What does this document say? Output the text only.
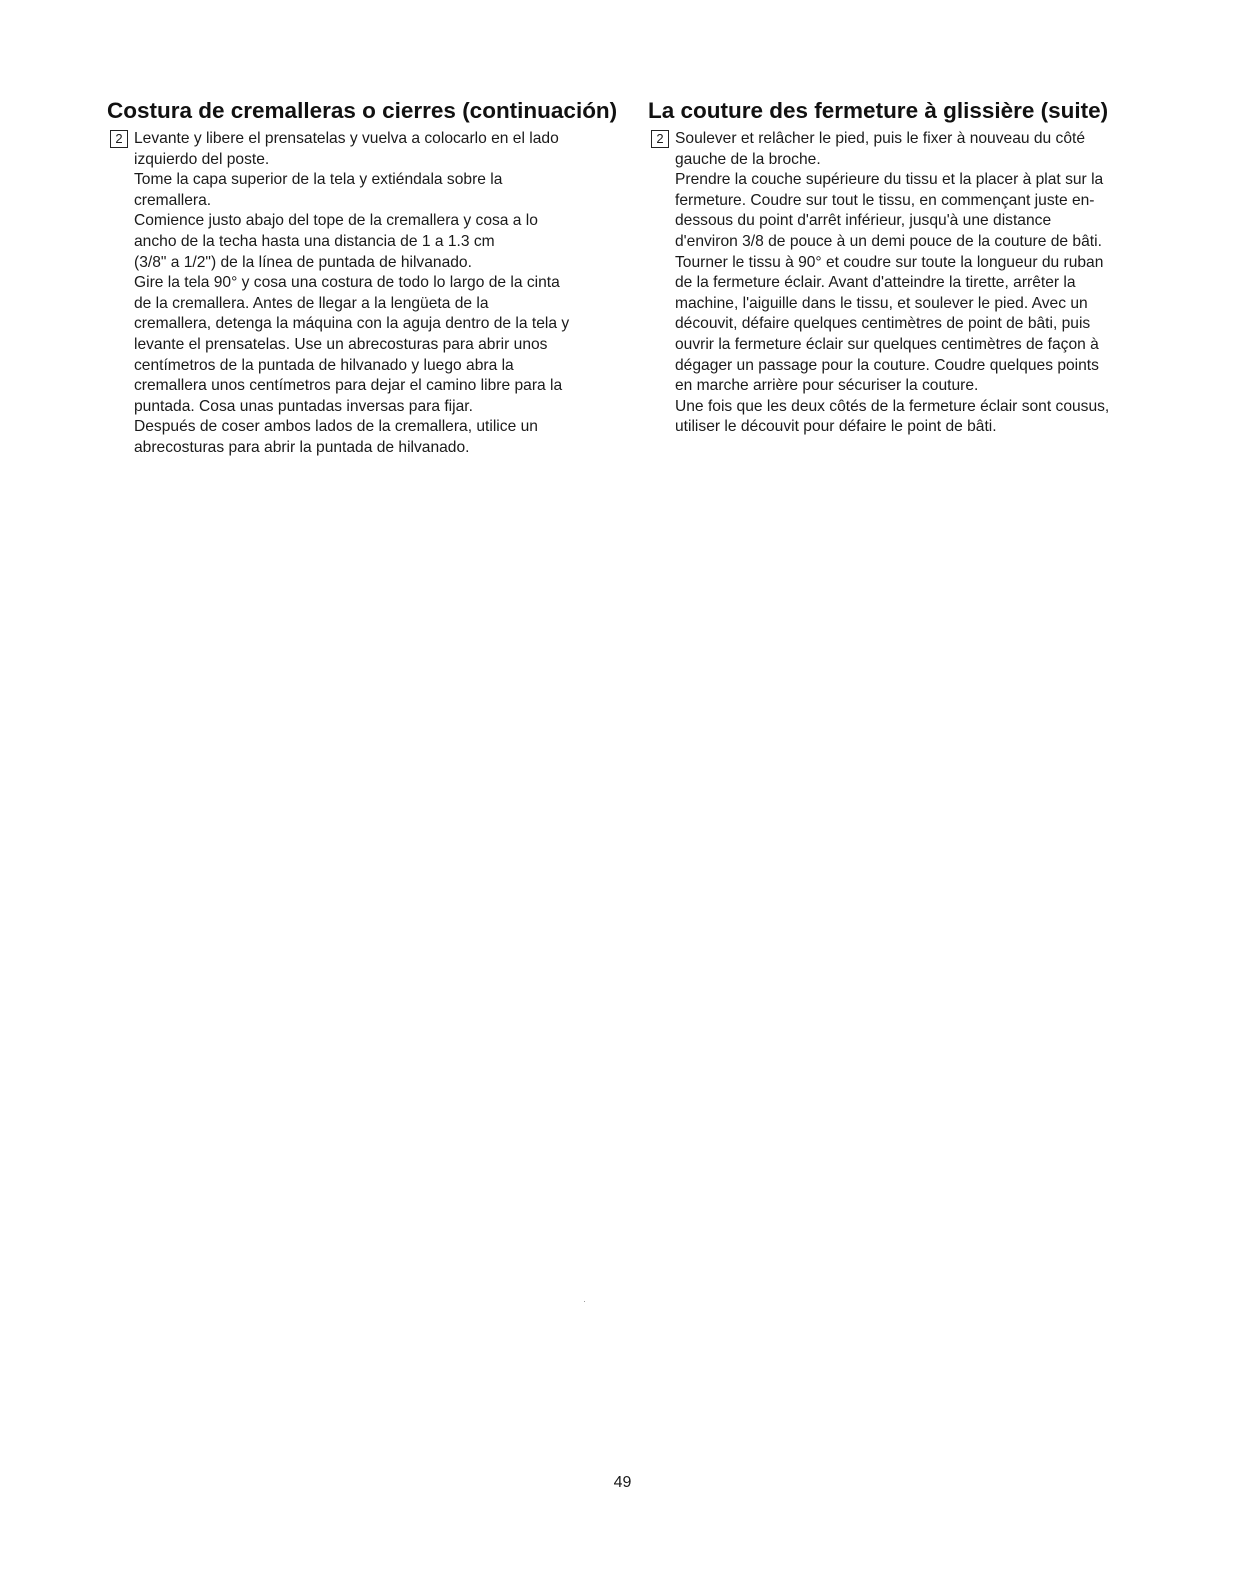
Costura de cremalleras o cierres (continuación)
2 Levante y libere el prensatelas y vuelva a colocarlo en el lado
izquierdo del poste.
Tome la capa superior de la tela y extiéndala sobre la
cremallera.
Comience justo abajo del tope de la cremallera y cosa a lo
ancho de la techa hasta una distancia de 1 a 1.3 cm
(3/8" a 1/2") de la línea de puntada de hilvanado.
Gire la tela 90° y cosa una costura de todo lo largo de la cinta
de la cremallera. Antes de llegar a la lengüeta de la
cremallera, detenga la máquina con la aguja dentro de la tela y
levante el prensatelas. Use un abrecosturas para abrir unos
centímetros de la puntada de hilvanado y luego abra la
cremallera unos centímetros para dejar el camino libre para la
puntada. Cosa unas puntadas inversas para fijar.
Después de coser ambos lados de la cremallera, utilice un
abrecosturas para abrir la puntada de hilvanado.
La couture des fermeture à glissière (suite)
2 Soulever et relâcher le pied, puis le fixer à nouveau du côté
gauche de la broche.
Prendre la couche supérieure du tissu et la placer à plat sur la
fermeture. Coudre sur tout le tissu, en commençant juste en-
dessous du point d'arrêt inférieur, jusqu'à une distance
d'environ 3/8 de pouce à un demi pouce de la couture de bâti.
Tourner le tissu à 90° et coudre sur toute la longueur du ruban
de la fermeture éclair. Avant d'atteindre la tirette, arrêter la
machine, l'aiguille dans le tissu, et soulever le pied. Avec un
découvit, défaire quelques centimètres de point de bâti, puis
ouvrir la fermeture éclair sur quelques centimètres de façon à
dégager un passage pour la couture. Coudre quelques points
en marche arrière pour sécuriser la couture.
Une fois que les deux côtés de la fermeture éclair sont cousus,
utiliser le découvit pour défaire le point de bâti.
49
